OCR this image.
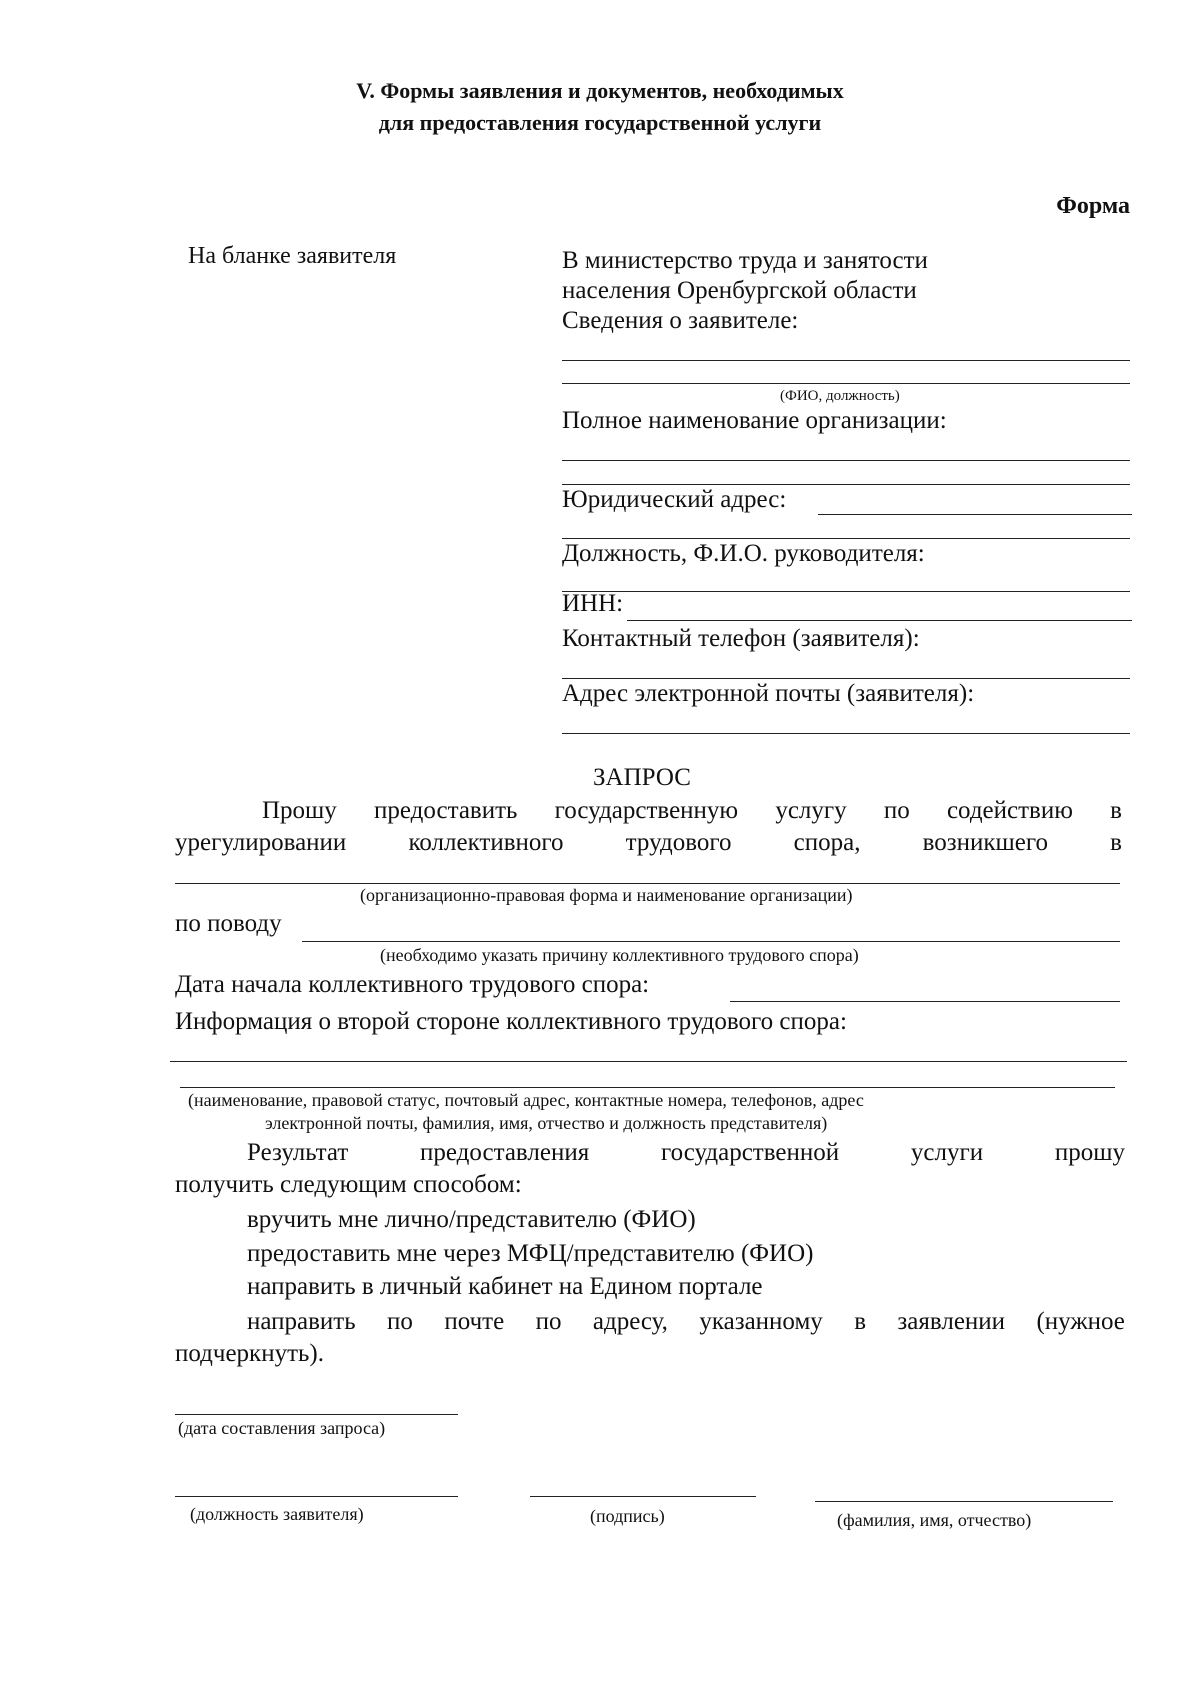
V. Формы заявления и документов, необходимых
для предоставления государственной услуги
Форма
На бланке заявителя	В министерство труда и занятости
населения Оренбургской области
Сведения о заявителе:
(ФИО, должность)
Полное наименование организации:
Юридический адрес:
Должность, Ф.И.О. руководителя:
ИНН:
Контактный телефон (заявителя):
Адрес электронной почты (заявителя):
ЗАПРОС
Прошу предоставить государственную услугу по содействию в
урегулировании коллективного трудового спора, возникшего в
(организационно-правовая форма и наименование организации)
по поводу
(необходимо указать причину коллективного трудового спора)
Дата начала коллективного трудового спора:
Информация о второй стороне коллективного трудового спора:
(наименование, правовой статус, почтовый адрес, контактные номера, телефонов, адрес
электронной почты, фамилия, имя, отчество и должность представителя)
Результат	предоставления	государственной	услуги	прошу
получить следующим способом:
вручить мне лично/представителю (ФИО)
предоставить мне через МФЦ/представителю (ФИО)
направить в личный кабинет на Едином портале
направить по почте по адресу, указанному в заявлении (нужное
подчеркнуть).
(дата составления запроса)
(должность заявителя)	(подпись)	(фамилия, имя, отчество)
